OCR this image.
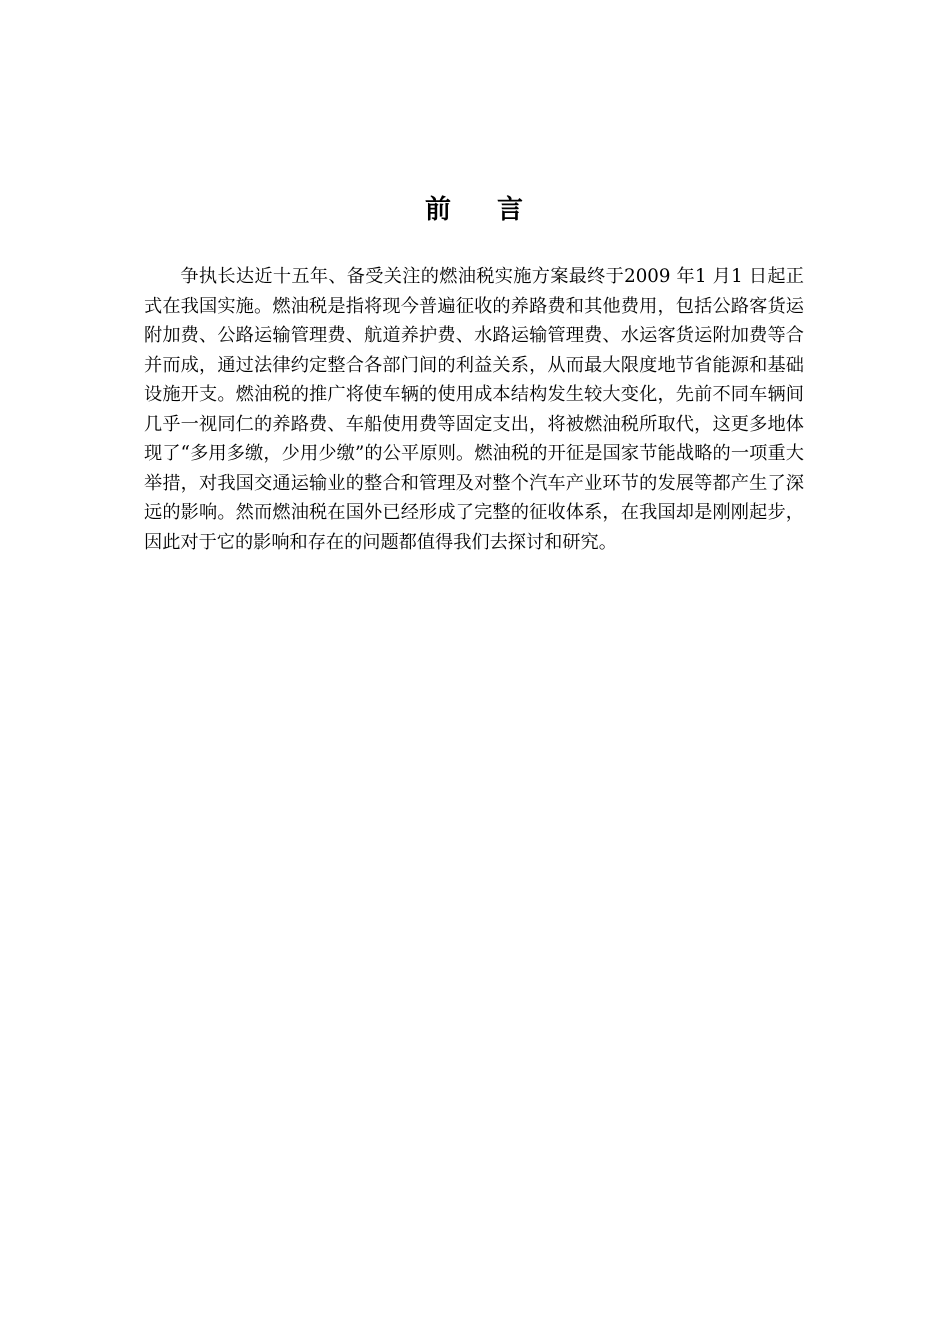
前 言

争执长达近十五年、备受关注的燃油税实施方案最终于2009 年1 月1 日起正式在我国实施。燃油税是指将现今普遍征收的养路费和其他费用，包括公路客货运附加费、公路运输管理费、航道养护费、水路运输管理费、水运客货运附加费等合并而成，通过法律约定整合各部门间的利益关系，从而最大限度地节省能源和基础设施开支。燃油税的推广将使车辆的使用成本结构发生较大变化，先前不同车辆间几乎一视同仁的养路费、车船使用费等固定支出，将被燃油税所取代，这更多地体现了“多用多缴，少用少缴”的公平原则。燃油税的开征是国家节能战略的一项重大举措，对我国交通运输业的整合和管理及对整个汽车产业环节的发展等都产生了深远的影响。然而燃油税在国外已经形成了完整的征收体系，在我国却是刚刚起步，因此对于它的影响和存在的问题都值得我们去探讨和研究。
